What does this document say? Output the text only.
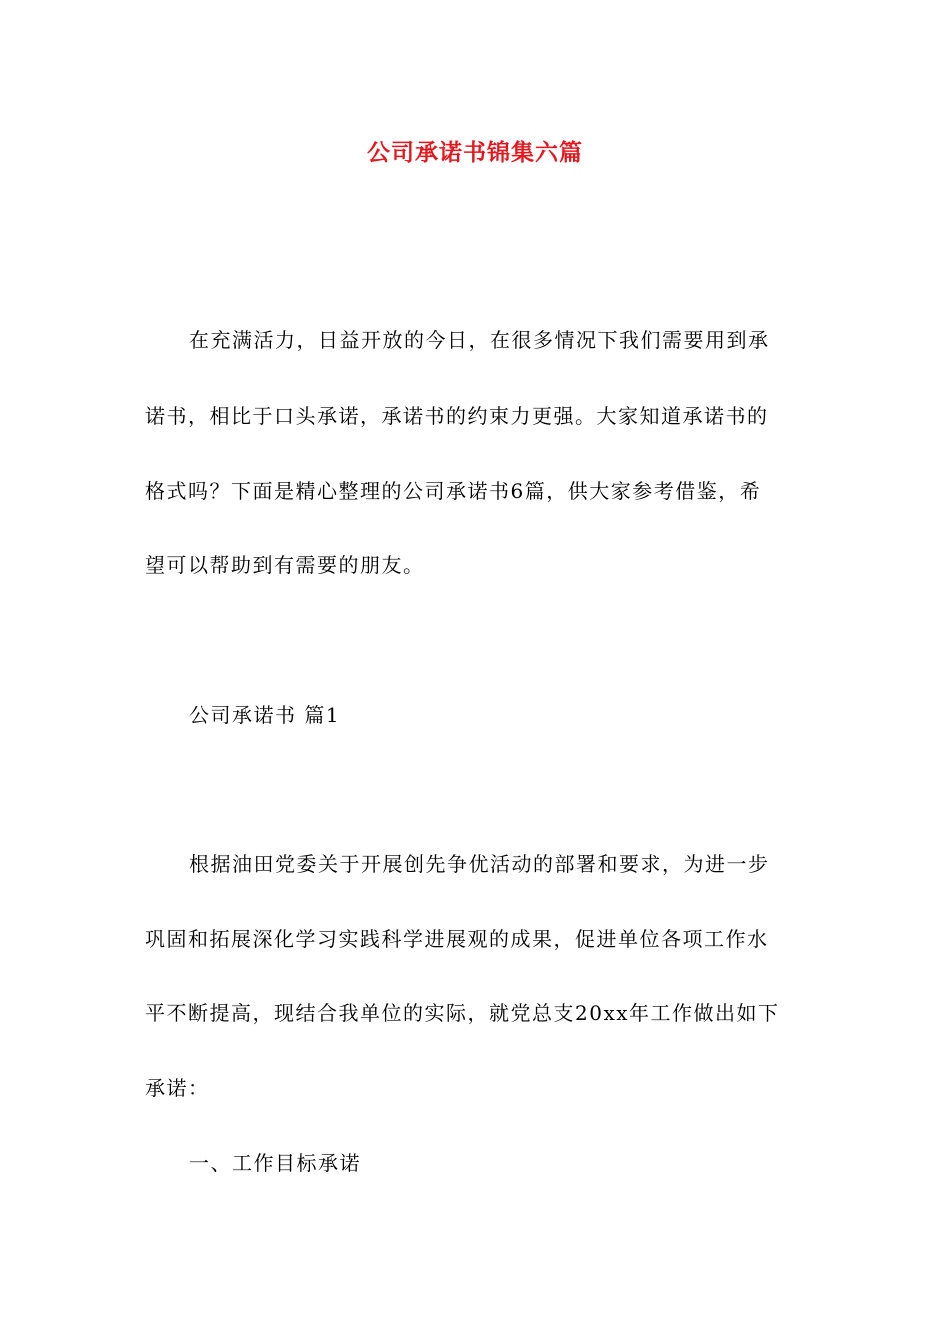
公司承诺书锦集六篇
在充满活力，日益开放的今日，在很多情况下我们需要用到承
诺书，相比于口头承诺，承诺书的约束力更强。大家知道承诺书的
格式吗？下面是精心整理的公司承诺书6篇，供大家参考借鉴，希
望可以帮助到有需要的朋友。
公司承诺书 篇1
根据油田党委关于开展创先争优活动的部署和要求，为进一步
巩固和拓展深化学习实践科学进展观的成果，促进单位各项工作水
平不断提高，现结合我单位的实际，就党总支20xx年工作做出如下
承诺：
一、工作目标承诺
